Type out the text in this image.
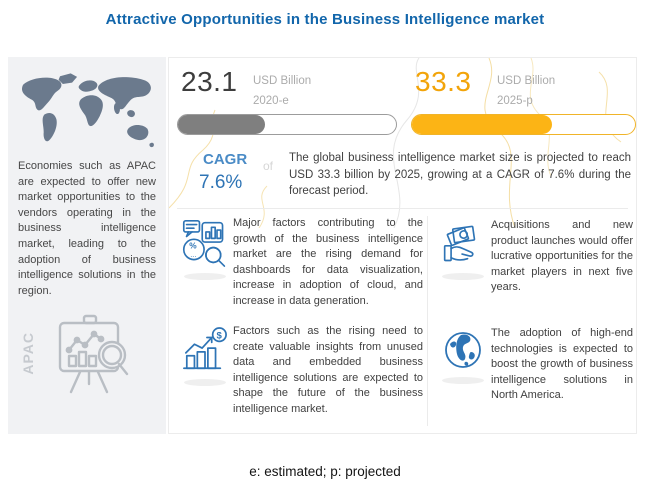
Attractive Opportunities in the Business Intelligence market
Economies such as APAC are expected to offer new market opportunities to the vendors operating in the business intelligence market, leading to the adoption of business intelligence solutions in the region.
APAC
23.1 USD Billion
2020-e
33.3 USD Billion
2025-p
CAGR of
7.6%
The global business intelligence market size is projected to reach USD 33.3 billion by 2025, growing at a CAGR of 7.6% during the forecast period.
%
...
Major factors contributing to the growth of the business intelligence market are the rising demand for dashboards for data visualization, increase in adoption of cloud, and increase in data generation.
$ Factors such as the rising need to create valuable insights from unused data and embedded business intelligence solutions are expected to shape the future of the business intelligence market.
Acquisitions and new product launches would offer lucrative opportunities for the market players in next five years.
The adoption of high-end technologies is expected to boost the growth of business intelligence solutions in North America.
e: estimated; p: projected
